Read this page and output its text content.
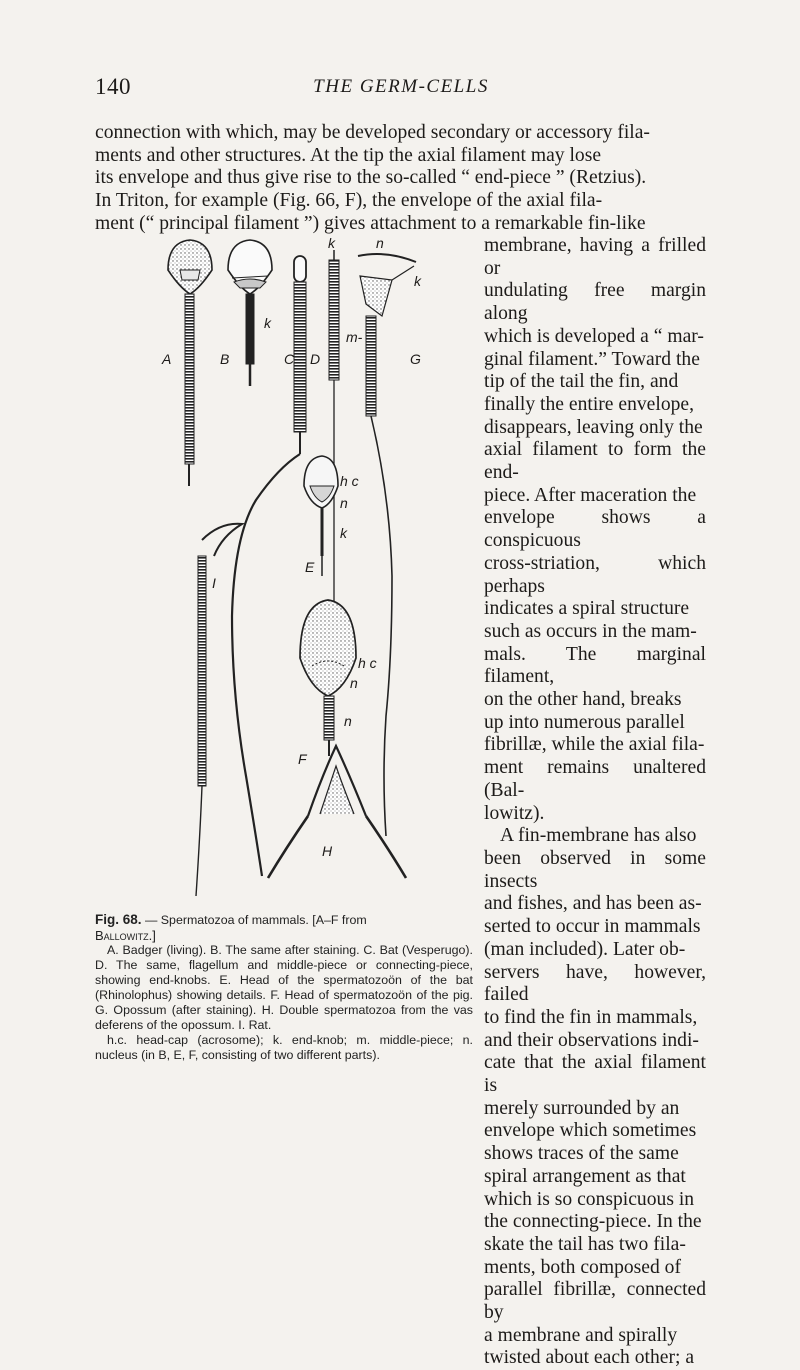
140	THE GERM-CELLS

connection with which, may be developed secondary or accessory fila-

ments and other structures. At the tip the axial filament may lose

its envelope and thus give rise to the so-called “ end-piece ” (Retzius).

In Triton, for example (Fig. 66, F), the envelope of the axial fila-

ment (“ principal filament ”) gives attachment to a remarkable fin-like

A	B	C D	G
E
F
H
I
k
k	n
k
m-
h c
n
k
h c
n
n

membrane, having a frilled or

undulating free margin along

which is developed a “ mar-

ginal filament.” Toward the

tip of the tail the fin, and

finally the entire envelope,

disappears, leaving only the

axial filament to form the end-

piece. After maceration the

envelope shows a conspicuous

cross-striation, which perhaps

indicates a spiral structure

such as occurs in the mam-

mals. The marginal filament,

on the other hand, breaks

up into numerous parallel

fibrillæ, while the axial fila-

ment remains unaltered (Bal-

lowitz).

A fin-membrane has also

been observed in some insects

and fishes, and has been as-

serted to occur in mammals

(man included). Later ob-

servers have, however, failed

to find the fin in mammals,

and their observations indi-

cate that the axial filament is

merely surrounded by an

envelope which sometimes

shows traces of the same

spiral arrangement as that

which is so conspicuous in

the connecting-piece. In the

skate the tail has two fila-

ments, both composed of

parallel fibrillæ, connected by

a membrane and spirally

twisted about each other; a

Fig. 68. — Spermatozoa of mammals. [A–F from

Ballowitz.]

A. Badger (living). B. The same after staining. C. Bat (Vesperugo). D. The same, flagellum and middle-piece or connecting-piece, showing end-knobs. E. Head of the spermatozoön of the bat (Rhinolophus) showing details. F. Head of spermatozoön of the pig. G. Opossum (after staining). H. Double spermatozoa from the vas deferens of the opossum. I. Rat.

h.c. head-cap (acrosome); k. end-knob; m. middle-piece; n. nucleus (in B, E, F, consisting of two different parts).
